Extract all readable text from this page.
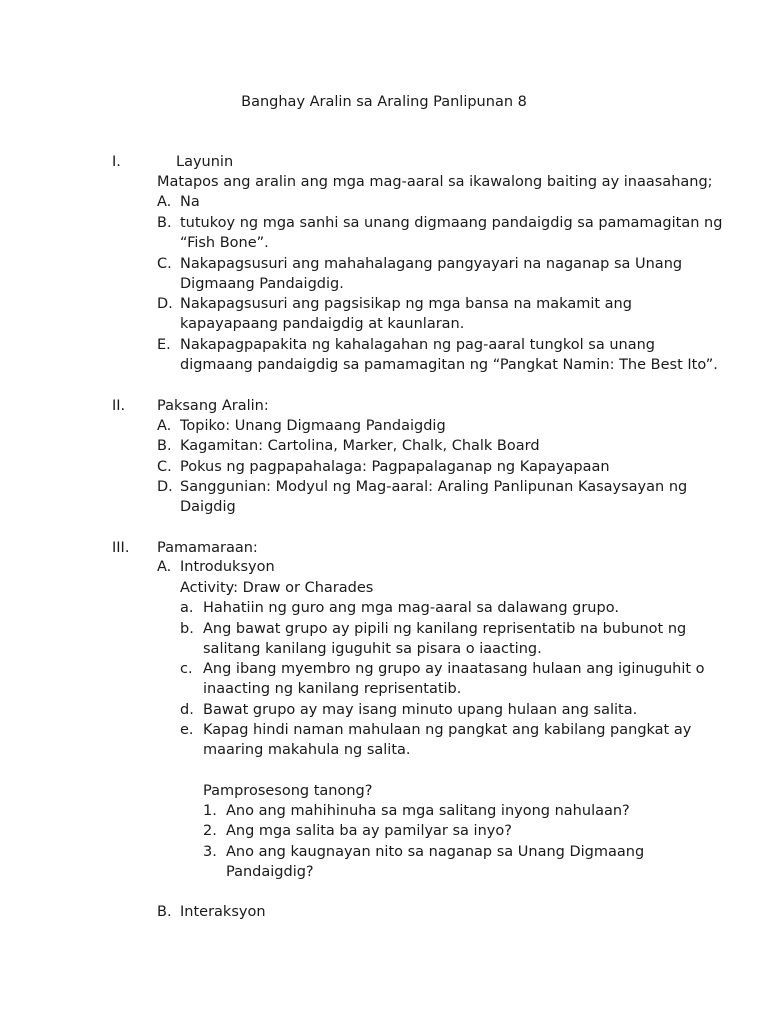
Banghay Aralin sa Araling Panlipunan 8
I.	Layunin
Matapos ang aralin ang mga mag-aaral sa ikawalong baiting ay inaasahang;
A. Na
B. tutukoy ng mga sanhi sa unang digmaang pandaigdig sa pamamagitan ng
“Fish Bone”.
C. Nakapagsusuri ang mahahalagang pangyayari na naganap sa Unang
Digmaang Pandaigdig.
D. Nakapagsusuri ang pagsisikap ng mga bansa na makamit ang
kapayapaang pandaigdig at kaunlaran.
E. Nakapagpapakita ng kahalagahan ng pag-aaral tungkol sa unang
digmaang pandaigdig sa pamamagitan ng “Pangkat Namin: The Best Ito”.
II. Paksang Aralin:
A. Topiko: Unang Digmaang Pandaigdig
B. Kagamitan: Cartolina, Marker, Chalk, Chalk Board
C. Pokus ng pagpapahalaga: Pagpapalaganap ng Kapayapaan
D. Sanggunian: Modyul ng Mag-aaral: Araling Panlipunan Kasaysayan ng
Daigdig
III. Pamamaraan:
A. Introduksyon
Activity: Draw or Charades
a. Hahatiin ng guro ang mga mag-aaral sa dalawang grupo.
b. Ang bawat grupo ay pipili ng kanilang reprisentatib na bubunot ng
salitang kanilang iguguhit sa pisara o iaacting.
c. Ang ibang myembro ng grupo ay inaatasang hulaan ang iginuguhit o
inaacting ng kanilang reprisentatib.
d. Bawat grupo ay may isang minuto upang hulaan ang salita.
e. Kapag hindi naman mahulaan ng pangkat ang kabilang pangkat ay
maaring makahula ng salita.
Pamprosesong tanong?
1. Ano ang mahihinuha sa mga salitang inyong nahulaan?
2. Ang mga salita ba ay pamilyar sa inyo?
3. Ano ang kaugnayan nito sa naganap sa Unang Digmaang
Pandaigdig?
B. Interaksyon
